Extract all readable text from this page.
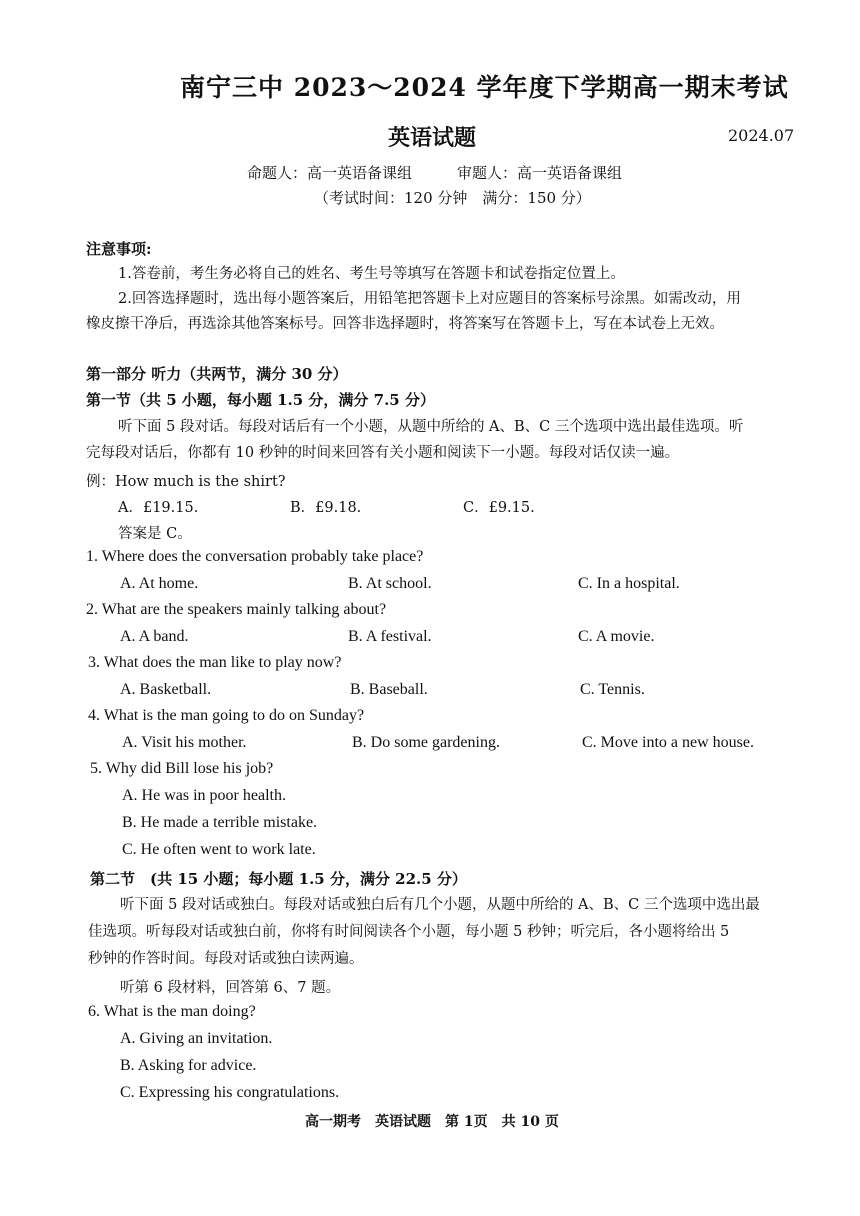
南宁三中 2023～2024 学年度下学期高一期末考试
英语试题	2024.07
命题人：高一英语备课组　　　审题人：高一英语备课组
（考试时间：120 分钟　满分：150 分）
注意事项:
1.答卷前，考生务必将自己的姓名、考生号等填写在答题卡和试卷指定位置上。
2.回答选择题时，选出每小题答案后，用铅笔把答题卡上对应题目的答案标号涂黑。如需改动，用
橡皮擦干净后，再选涂其他答案标号。回答非选择题时，将答案写在答题卡上，写在本试卷上无效。
第一部分 听力（共两节，满分 30 分）
第一节（共 5 小题，每小题 1.5 分，满分 7.5 分）
听下面 5 段对话。每段对话后有一个小题，从题中所给的 A、B、C 三个选项中选出最佳选项。听
完每段对话后，你都有 10 秒钟的时间来回答有关小题和阅读下一小题。每段对话仅读一遍。
例：How much is the shirt?
A．£19.15.	B．£9.18.	C．£9.15.
答案是 C。
1. Where does the conversation probably take place?
A. At home.	B. At school.	C. In a hospital.
2. What are the speakers mainly talking about?
A. A band.	B. A festival.	C. A movie.
3. What does the man like to play now?
A. Basketball.	B. Baseball.	C. Tennis.
4. What is the man going to do on Sunday?
A. Visit his mother.	B. Do some gardening.	C. Move into a new house.
5. Why did Bill lose his job?
A. He was in poor health.
B. He made a terrible mistake.
C. He often went to work late.
第二节　(共 15 小题；每小题 1.5 分，满分 22.5 分）
听下面 5 段对话或独白。每段对话或独白后有几个小题，从题中所给的 A、B、C 三个选项中选出最
佳选项。听每段对话或独白前，你将有时间阅读各个小题，每小题 5 秒钟；听完后，各小题将给出 5
秒钟的作答时间。每段对话或独白读两遍。
听第 6 段材料，回答第 6、7 题。
6. What is the man doing?
A. Giving an invitation.
B. Asking for advice.
C. Expressing his congratulations.
高一期考　英语试题　第 1页　共 10 页
